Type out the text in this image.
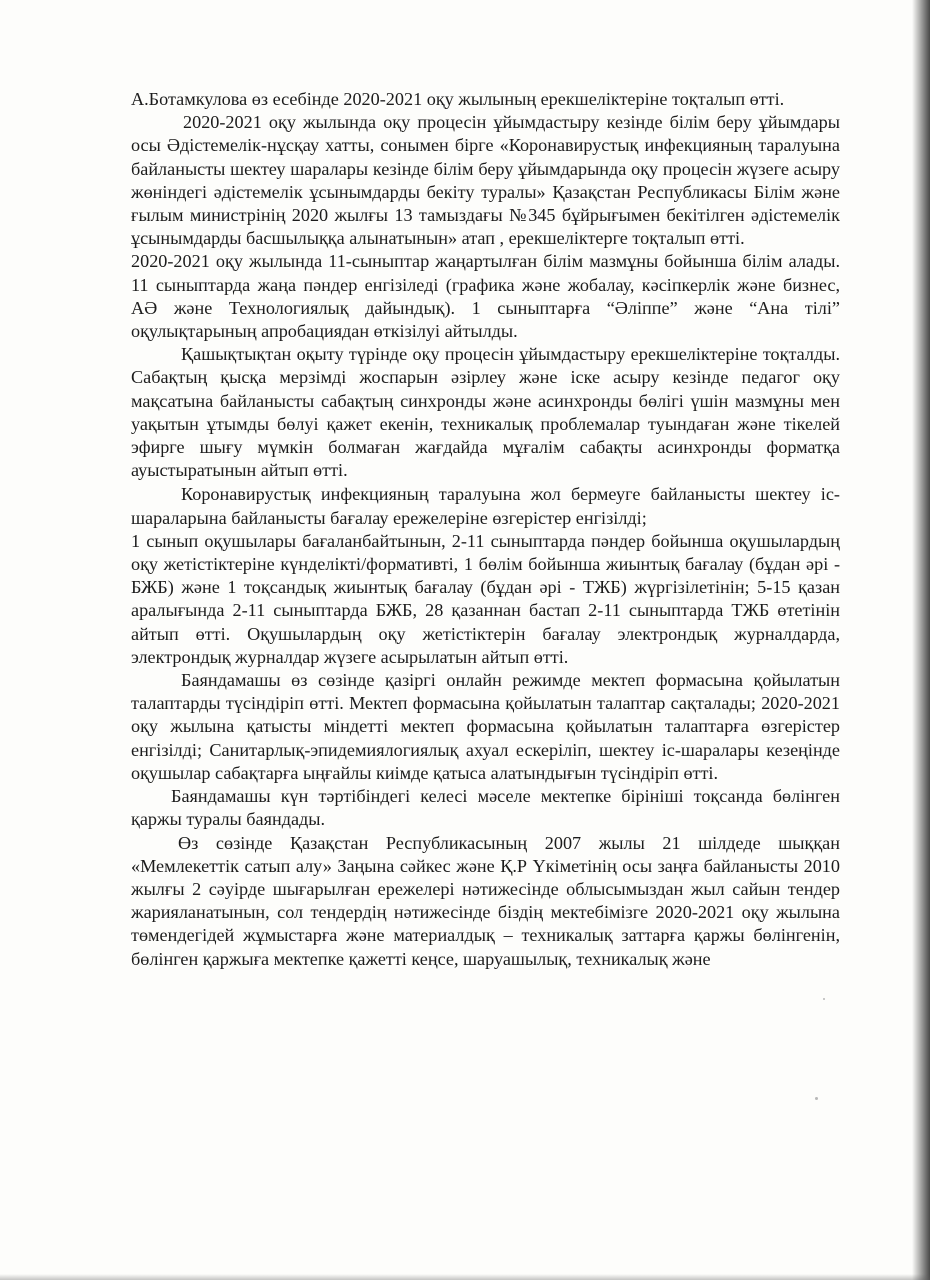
А.Ботамкулова өз есебінде 2020-2021 оқу жылының ерекшеліктеріне тоқталып өтті.

2020-2021 оқу жылында оқу процесін ұйымдастыру кезінде білім беру ұйымдары осы Әдістемелік-нұсқау хатты, сонымен бірге «Коронавирустық инфекцияның таралуына байланысты шектеу шаралары кезінде білім беру ұйымдарында оқу процесін жүзеге асыру жөніндегі әдістемелік ұсынымдарды бекіту туралы» Қазақстан Республикасы Білім және ғылым министрінің 2020 жылғы 13 тамыздағы №345 бұйрығымен бекітілген әдістемелік ұсынымдарды басшылыққа алынатынын» атап , ерекшеліктерге тоқталып өтті.

2020-2021 оқу жылында 11-сыныптар жаңартылған білім мазмұны бойынша білім алады. 11 сыныптарда жаңа пәндер енгізіледі (графика және жобалау, кәсіпкерлік және бизнес, АӘ және Технологиялық дайындық). 1 сыныптарға “Әліппе” және “Ана тілі” оқулықтарының апробациядан өткізілуі айтылды.

Қашықтықтан оқыту түрінде оқу процесін ұйымдастыру ерекшеліктеріне тоқталды. Сабақтың қысқа мерзімді жоспарын әзірлеу және іске асыру кезінде педагог оқу мақсатына байланысты сабақтың синхронды және асинхронды бөлігі үшін мазмұны мен уақытын ұтымды бөлуі қажет екенін, техникалық проблемалар туындаған және тікелей эфирге шығу мүмкін болмаған жағдайда мұғалім сабақты асинхронды форматқа ауыстыратынын айтып өтті.

Коронавирустық инфекцияның таралуына жол бермеуге байланысты шектеу іс-шараларына байланысты бағалау ережелеріне өзгерістер енгізілді;

1 сынып оқушылары бағаланбайтынын, 2-11 сыныптарда пәндер бойынша оқушылардың оқу жетістіктеріне күнделікті/формативті, 1 бөлім бойынша жиынтық бағалау (бұдан әрі - БЖБ) және 1 тоқсандық жиынтық бағалау (бұдан әрі - ТЖБ) жүргізілетінін; 5-15 қазан аралығында 2-11 сыныптарда БЖБ, 28 қазаннан бастап 2-11 сыныптарда ТЖБ өтетінін айтып өтті. Оқушылардың оқу жетістіктерін бағалау электрондық журналдарда, электрондық журналдар жүзеге асырылатын айтып өтті.

Баяндамашы өз сөзінде қазіргі онлайн режимде мектеп формасына қойылатын талаптарды түсіндіріп өтті. Мектеп формасына қойылатын талаптар сақталады; 2020-2021 оқу жылына қатысты міндетті мектеп формасына қойылатын талаптарға өзгерістер енгізілді; Санитарлық-эпидемиялогиялық ахуал ескеріліп, шектеу іс-шаралары кезеңінде оқушылар сабақтарға ыңғайлы киімде қатыса алатындығын түсіндіріп өтті.

Баяндамашы күн тәртібіндегі келесі мәселе мектепке бірініші тоқсанда бөлінген қаржы туралы баяндады.

Өз сөзінде Қазақстан Республикасының 2007 жылы 21 шілдеде шыққан «Мемлекеттік сатып алу» Заңына сәйкес және Қ.Р Үкіметінің осы заңға байланысты 2010 жылғы 2 сәуірде шығарылған ережелері нәтижесінде облысымыздан жыл сайын тендер жарияланатынын, сол тендердің нәтижесінде біздің мектебімізге 2020-2021 оқу жылына төмендегідей жұмыстарға және материалдық – техникалық заттарға қаржы бөлінгенін, бөлінген қаржыға мектепке қажетті кеңсе, шаруашылық, техникалық және
